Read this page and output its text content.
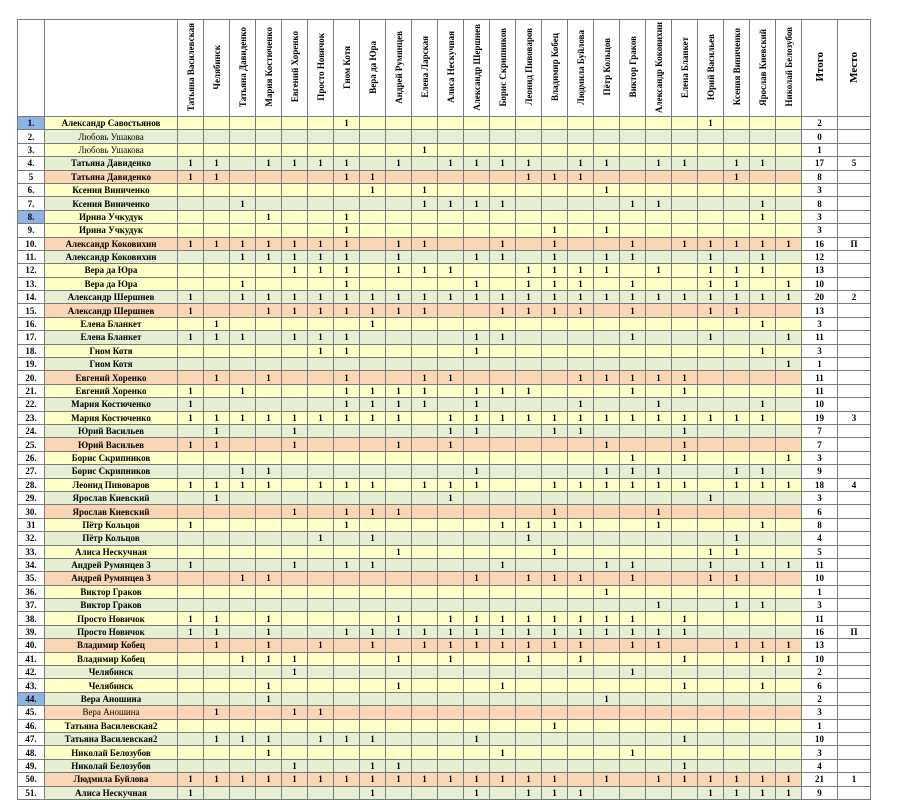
		Татьяна Василевская	Челябинск	Татьяна Давиденко	Мария Костюченко	Евгений Хоренко	Просто Новичок	Гном Котя	Вера да Юра	Андрей Румянцев	Елена Ларская	Алиса Нескучная	Александр Шершнев	Борис Скрипников	Леонид Пивоваров	Владимир Кобец	Людмила Буйлова	Пётр Кольцов	Виктор Граков	Александр Коковихин	Елена Бланкет	Юрий Васильев	Ксения Виниченко	Ярослав Киевский	Николай Белозубов	Итого	Место
1.	Александр Савостьянов							1														1				2	
2.	Любовь Ушакова																									0	
3.	Любовь Ушакова										1															1	
4.	Татьяна Давиденко	1	1		1	1	1	1		1		1	1	1	1		1	1		1	1		1	1		17	5
5	Татьяна Давиденко	1	1					1	1						1	1	1						1			8	
6.	Ксения Виниченко								1		1							1								3	
7.	Ксения Виниченко			1							1	1	1	1					1	1				1		8	
8.	Ирина Учкудук				1			1																1		3	
9.	Ирина Учкудук							1								1		1								3	
10.	Александр Коковихин	1	1	1	1	1	1	1		1	1			1		1			1		1	1	1	1	1	16	П
11.	Александр Коковихин			1	1	1	1	1		1			1	1		1		1	1			1		1		12	
12.	Вера да Юра					1	1	1		1	1	1			1	1	1	1		1		1	1	1		13	
13.	Вера да Юра			1				1					1		1	1	1		1			1	1		1	10	
14.	Александр Шершнев	1		1	1	1	1	1	1	1	1	1	1	1	1	1	1	1	1	1	1	1	1	1	1	20	2
15.	Александр Шершнев	1			1	1	1	1	1	1	1			1	1	1	1		1			1	1			13	
16.	Елена Бланкет		1						1															1		3	
17.	Елена Бланкет	1	1	1		1	1	1					1	1					1			1			1	11	
18.	Гном Котя						1	1					1											1		3	
19.	Гном Котя																								1	1	
20.	Евгений Хоренко		1		1			1			1	1					1	1	1	1	1					11	
21.	Евгений Хоренко	1		1				1	1	1	1		1	1	1				1		1					11	
22.	Мария Костюченко	1						1	1	1	1		1				1			1				1		10	
23.	Мария Костюченко	1	1	1	1	1	1	1	1	1		1	1	1	1	1	1	1	1	1	1	1	1	1		19	3
24.	Юрий Васильев		1			1						1	1			1	1				1					7	
25.	Юрий Васильев	1	1			1				1		1						1			1					7	
26.	Борис Скрипников																		1		1				1	3	
27.	Борис Скрипников			1	1								1					1	1	1			1	1		9	
28.	Леонид Пивоваров	1	1	1	1		1	1	1		1	1	1			1	1	1	1	1	1		1	1	1	18	4
29.	Ярослав Киевский		1									1										1				3	
30.	Ярослав Киевский					1		1	1	1						1				1						6	
31	Пётр Кольцов	1						1						1	1	1	1			1				1		8	
32.	Пётр Кольцов						1		1						1								1			4	
33.	Алиса Нескучная									1						1						1	1			5	
34.	Андрей Румянцев 3	1				1		1	1					1				1	1			1		1	1	11	
35.	Андрей Румянцев 3			1	1								1		1	1	1		1			1	1			10	
36.	Виктор Граков																	1								1	
37.	Виктор Граков																			1			1	1		3	
38.	Просто Новичок	1	1		1					1		1	1	1	1	1	1	1	1		1					11	
39.	Просто Новичок	1	1		1			1	1	1	1	1	1	1	1	1	1	1	1	1	1					16	П
40.	Владимир Кобец		1		1		1		1		1	1	1	1	1	1	1		1	1			1	1	1	13	
41.	Владимир Кобец			1	1	1				1		1			1		1				1			1	1	10	
42.	Челябинск					1													1							2	
43.	Челябинск				1					1				1							1			1		6	
44.	Вера Аношина				1													1								2	
45.	Вера Аношина		1			1	1																			3	
46.	Татьяна Василевская2															1										1	
47.	Татьяна Василевская2		1	1	1		1	1	1				1								1					10	
48.	Николай Белозубов				1									1					1							3	
49.	Николай Белозубов					1			1	1											1					4	
50.	Людмила Буйлова	1	1	1	1	1	1	1	1	1	1	1	1	1	1	1		1		1	1	1	1	1	1	21	1
51.	Алиса Нескучная	1							1				1		1	1	1					1	1	1	1	9	
